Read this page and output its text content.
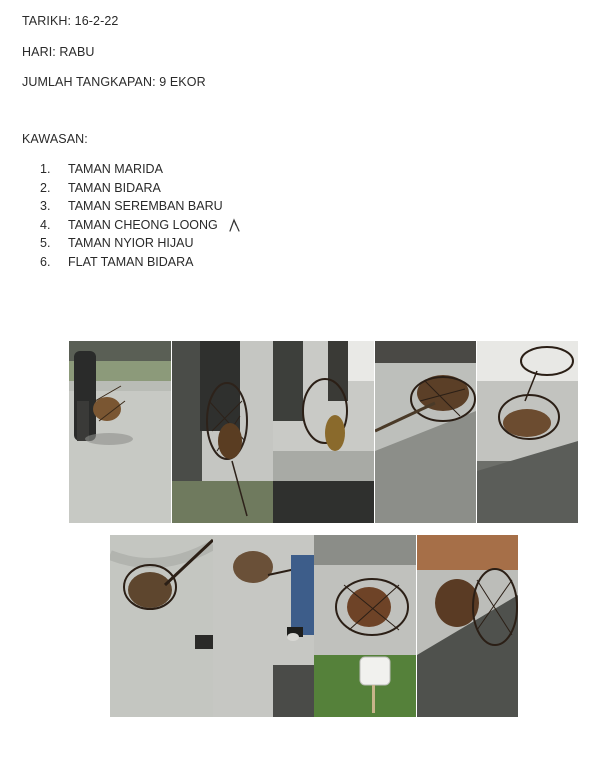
TARIKH: 16-2-22
HARI: RABU
JUMLAH TANGKAPAN: 9 EKOR
KAWASAN:
1. TAMAN MARIDA
2. TAMAN BIDARA
3. TAMAN SEREMBAN BARU
4. TAMAN CHEONG LOONG
5. TAMAN NYIOR HIJAU
6. FLAT TAMAN BIDARA
